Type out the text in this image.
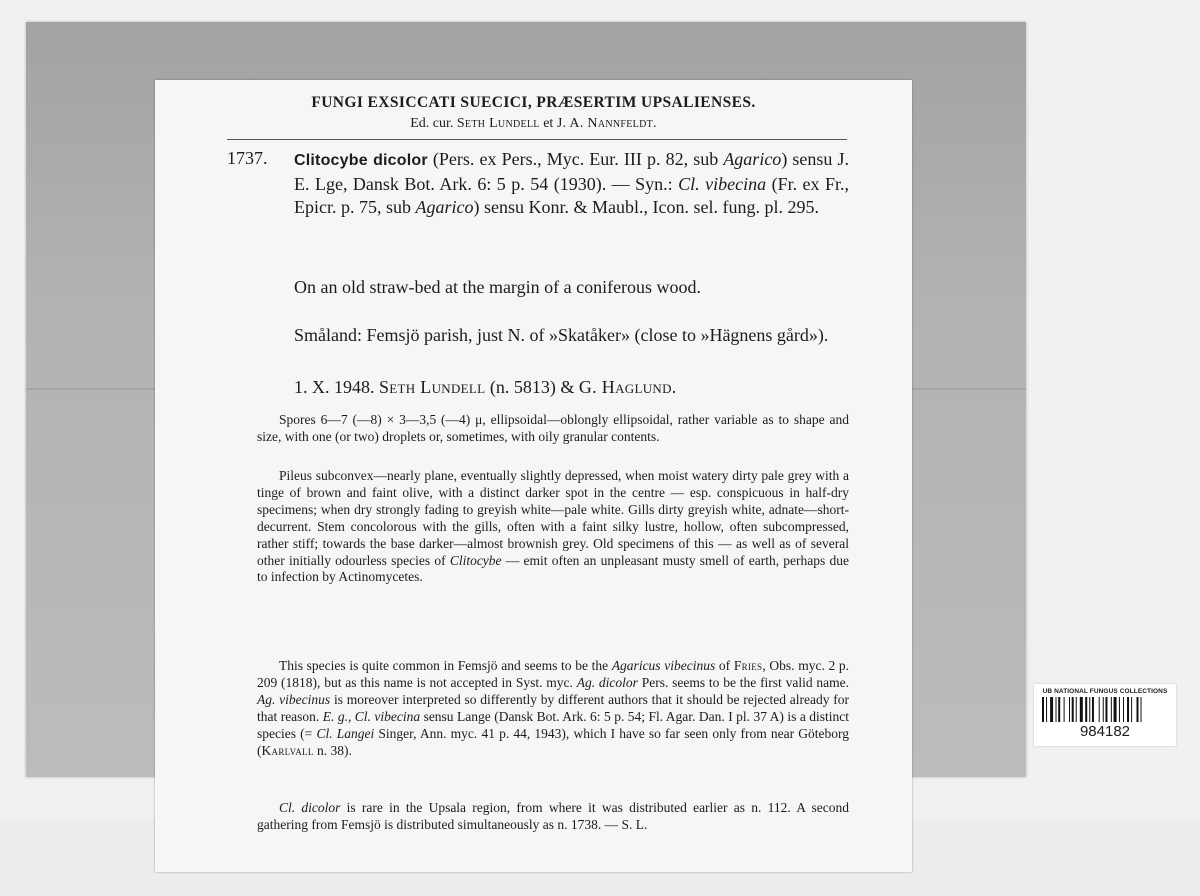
FUNGI EXSICCATI SUECICI, PRÆSERTIM UPSALIENSES.
Ed. cur. Seth Lundell et J. A. Nannfeldt.
1737. Clitocybe dicolor (Pers. ex Pers., Myc. Eur. III p. 82, sub Agarico) sensu J. E. Lge, Dansk Bot. Ark. 6: 5 p. 54 (1930). — Syn.: Cl. vibecina (Fr. ex Fr., Epicr. p. 75, sub Agarico) sensu Konr. & Maubl., Icon. sel. fung. pl. 295.
On an old straw-bed at the margin of a coniferous wood.
Småland: Femsjö parish, just N. of »Skatåker» (close to »Hägnens gård»).
1. X. 1948. Seth Lundell (n. 5813) & G. Haglund.
Spores 6—7 (—8) × 3—3,5 (—4) μ, ellipsoidal—oblongly ellipsoidal, rather variable as to shape and size, with one (or two) droplets or, sometimes, with oily granular contents.
Pileus subconvex—nearly plane, eventually slightly depressed, when moist watery dirty pale grey with a tinge of brown and faint olive, with a distinct darker spot in the centre — esp. conspicuous in half-dry specimens; when dry strongly fading to greyish white—pale white. Gills dirty greyish white, adnate—short-decurrent. Stem concolorous with the gills, often with a faint silky lustre, hollow, often subcompressed, rather stiff; towards the base darker—almost brownish grey. Old specimens of this — as well as of several other initially odourless species of Clitocybe — emit often an unpleasant musty smell of earth, perhaps due to infection by Actinomycetes.
This species is quite common in Femsjö and seems to be the Agaricus vibecinus of Fries, Obs. myc. 2 p. 209 (1818), but as this name is not accepted in Syst. myc. Ag. dicolor Pers. seems to be the first valid name. Ag. vibecinus is moreover interpreted so differently by different authors that it should be rejected already for that reason. E. g., Cl. vibecina sensu Lange (Dansk Bot. Ark. 6: 5 p. 54; Fl. Agar. Dan. I pl. 37 A) is a distinct species (= Cl. Langei Singer, Ann. myc. 41 p. 44, 1943), which I have so far seen only from near Göteborg (Karlvall n. 38).
Cl. dicolor is rare in the Upsala region, from where it was distributed earlier as n. 112. A second gathering from Femsjö is distributed simultaneously as n. 1738. — S. L.
UB NATIONAL FUNGUS COLLECTIONS
984182
